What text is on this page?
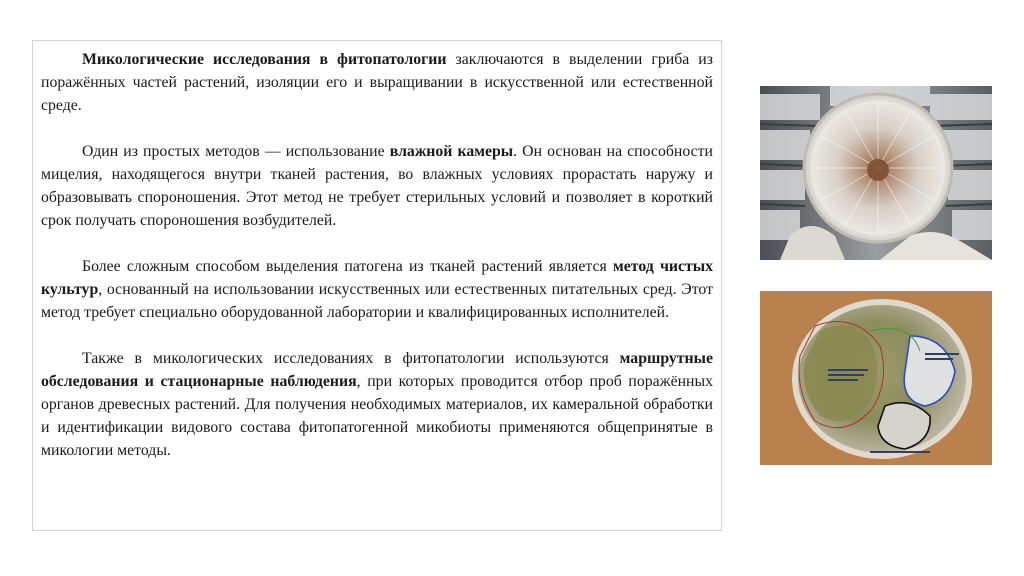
Микологические исследования в фитопатологии заключаются в выделении гриба из поражённых частей растений, изоляции его и выращивании в искусственной или естественной среде.

Один из простых методов — использование влажной камеры. Он основан на способности мицелия, находящегося внутри тканей растения, во влажных условиях прорастать наружу и образовывать спороношения. Этот метод не требует стерильных условий и позволяет в короткий срок получать спороношения возбудителей.

Более сложным способом выделения патогена из тканей растений является метод чистых культур, основанный на использовании искусственных или естественных питательных сред. Этот метод требует специально оборудованной лаборатории и квалифицированных исполнителей.

Также в микологических исследованиях в фитопатологии используются маршрутные обследования и стационарные наблюдения, при которых проводится отбор проб поражённых органов древесных растений. Для получения необходимых материалов, их камеральной обработки и идентификации видового состава фитопатогенной микобиоты применяются общепринятые в микологии методы.
